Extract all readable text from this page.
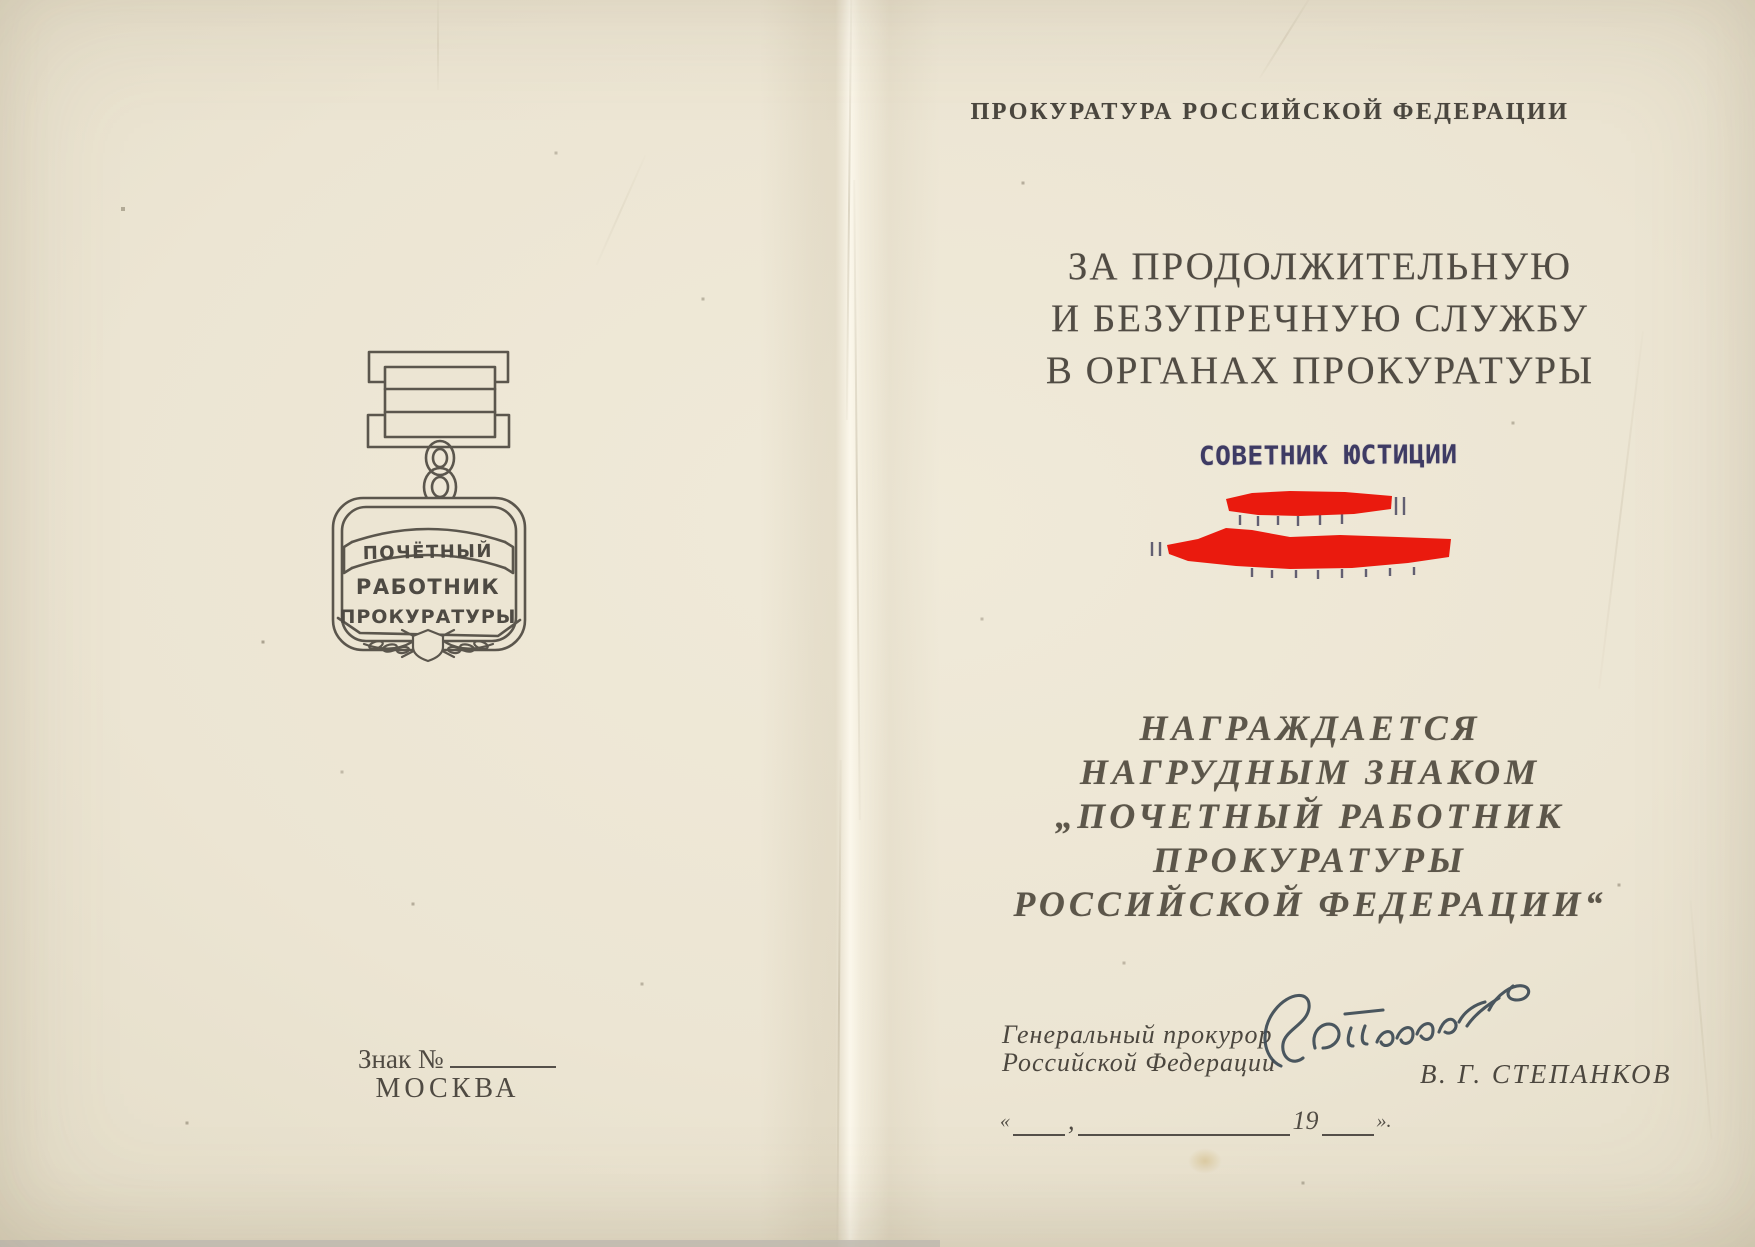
ПОЧЁТНЫЙ
РАБОТНИК
ПРОКУРАТУРЫ
Знак №
МОСКВА
ПРОКУРАТУРА РОССИЙСКОЙ ФЕДЕРАЦИИ
ЗА ПРОДОЛЖИТЕЛЬНУЮ
И БЕЗУПРЕЧНУЮ СЛУЖБУ
В ОРГАНАХ ПРОКУРАТУРЫ
СОВЕТНИК ЮСТИЦИИ
НАГРАЖДАЕТСЯ
НАГРУДНЫМ ЗНАКОМ
„ПОЧЕТНЫЙ РАБОТНИК
ПРОКУРАТУРЫ
РОССИЙСКОЙ ФЕДЕРАЦИИ“
Генеральный прокурор
Российской Федерации	В. Г. СТЕПАНКОВ
« ,	19	».
